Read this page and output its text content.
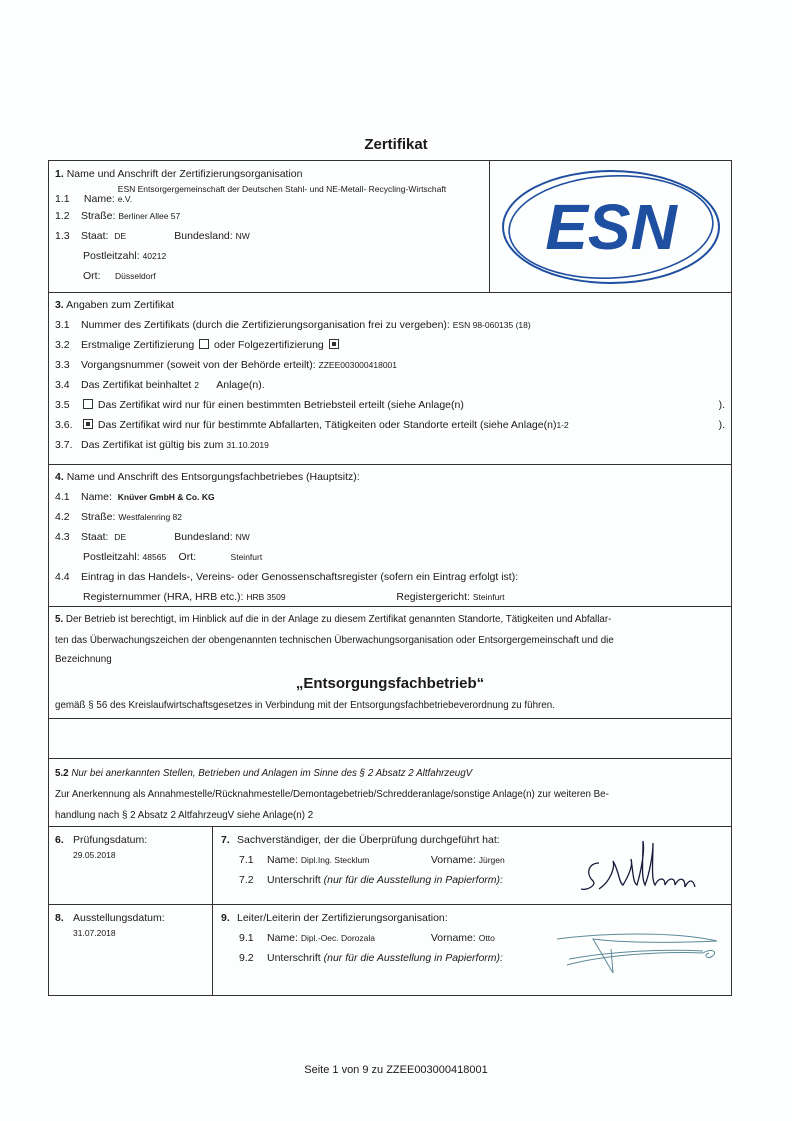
Zertifikat
1. Name und Anschrift der Zertifizierungsorganisation
1.1 Name:
ESN Entsorgergemeinschaft der Deutschen Stahl- und NE-Metall- Recycling-Wirtschaft
e.V.
1.2 Straße: Berliner Allee 57
1.3 Staat: DE	Bundesland: NW
Postleitzahl: 40212
Ort: Düsseldorf
ESN
3. Angaben zum Zertifikat
3.1 Nummer des Zertifikats (durch die Zertifizierungsorganisation frei zu vergeben): ESN 98-060135 (18)
3.2 Erstmalige Zertifizierung oder Folgezertifizierung
3.3 Vorgangsnummer (soweit von der Behörde erteilt): ZZEE003000418001
3.4 Das Zertifikat beinhaltet 2 Anlage(n).
3.5	Das Zertifikat wird nur für einen bestimmten Betriebsteil erteilt (siehe Anlage(n)	).
3.6. Das Zertifikat wird nur für bestimmte Abfallarten, Tätigkeiten oder Standorte erteilt (siehe Anlage(n)1-2	).
3.7. Das Zertifikat ist gültig bis zum 31.10.2019
4. Name und Anschrift des Entsorgungsfachbetriebes (Hauptsitz):
4.1 Name: Knüver GmbH & Co. KG
4.2 Straße: Westfalenring 82
4.3 Staat: DE	Bundesland: NW
Postleitzahl: 48565 Ort:	Steinfurt
4.4 Eintrag in das Handels-, Vereins- oder Genossenschaftsregister (sofern ein Eintrag erfolgt ist):
Registernummer (HRA, HRB etc.): HRB 3509	Registergericht: Steinfurt
5. Der Betrieb ist berechtigt, im Hinblick auf die in der Anlage zu diesem Zertifikat genannten Standorte, Tätigkeiten und Abfallar-
ten das Überwachungszeichen der obengenannten technischen Überwachungsorganisation oder Entsorgergemeinschaft und die
Bezeichnung
„Entsorgungsfachbetrieb“
gemäß § 56 des Kreislaufwirtschaftsgesetzes in Verbindung mit der Entsorgungsfachbetriebeverordnung zu führen.
5.2 Nur bei anerkannten Stellen, Betrieben und Anlagen im Sinne des § 2 Absatz 2 AltfahrzeugV
Zur Anerkennung als Annahmestelle/Rücknahmestelle/Demontagebetrieb/Schredderanlage/sonstige Anlage(n) zur weiteren Be-
handlung nach § 2 Absatz 2 AltfahrzeugV siehe Anlage(n) 2
6. Prüfungsdatum:
29.05.2018
7. Sachverständiger, der die Überprüfung durchgeführt hat:
7.1 Name: Dipl.Ing. Stecklum	Vorname: Jürgen
7.2 Unterschrift (nur für die Ausstellung in Papierform):
8. Ausstellungsdatum:
31.07.2018
9. Leiter/Leiterin der Zertifizierungsorganisation:
9.1 Name: Dipl.-Oec. Dorozala	Vorname: Otto
9.2 Unterschrift (nur für die Ausstellung in Papierform):
Seite 1 von 9 zu ZZEE003000418001
